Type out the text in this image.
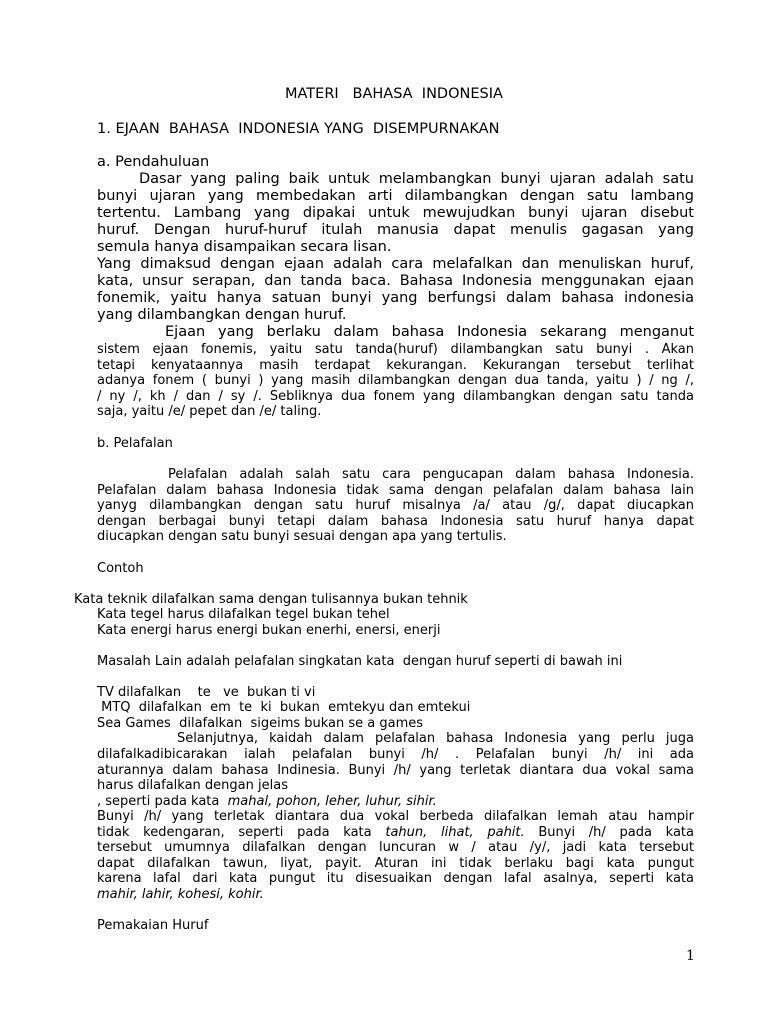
MATERI   BAHASA  INDONESIA
1. EJAAN  BAHASA  INDONESIA YANG  DISEMPURNAKAN
a. Pendahuluan
Dasar yang paling baik untuk melambangkan bunyi ujaran adalah satu
bunyi ujaran yang membedakan arti dilambangkan dengan satu lambang
tertentu. Lambang yang dipakai untuk mewujudkan bunyi ujaran disebut
huruf. Dengan huruf-huruf itulah manusia dapat menulis gagasan yang
semula hanya disampaikan secara lisan.
Yang dimaksud dengan ejaan adalah cara melafalkan dan menuliskan huruf,
kata, unsur serapan, dan tanda baca. Bahasa Indonesia menggunakan ejaan
fonemik, yaitu hanya satuan bunyi yang berfungsi dalam bahasa indonesia
yang dilambangkan dengan huruf.
Ejaan yang berlaku dalam bahasa Indonesia sekarang menganut
sistem ejaan fonemis, yaitu satu tanda(huruf) dilambangkan satu bunyi . Akan
tetapi kenyataannya masih terdapat kekurangan. Kekurangan tersebut terlihat
adanya fonem ( bunyi ) yang masih dilambangkan dengan dua tanda, yaitu ) / ng /,
/ ny /, kh / dan / sy /. Sebliknya dua fonem yang dilambangkan dengan satu tanda
saja, yaitu /e/ pepet dan /e/ taling.
b. Pelafalan
Pelafalan adalah salah satu cara pengucapan dalam bahasa Indonesia.
Pelafalan dalam bahasa Indonesia tidak sama dengan pelafalan dalam bahasa lain
yanyg dilambangkan dengan satu huruf misalnya /a/ atau /g/, dapat diucapkan
dengan berbagai bunyi tetapi dalam bahasa Indonesia satu huruf hanya dapat
diucapkan dengan satu bunyi sesuai dengan apa yang tertulis.
Contoh
Kata teknik dilafalkan sama dengan tulisannya bukan tehnik
Kata tegel harus dilafalkan tegel bukan tehel
Kata energi harus energi bukan enerhi, enersi, enerji
Masalah Lain adalah pelafalan singkatan kata  dengan huruf seperti di bawah ini
TV dilafalkan    te   ve  bukan ti vi
MTQ  dilafalkan  em  te  ki  bukan  emtekyu dan emtekui
Sea Games  dilafalkan  sigeims bukan se a games
Selanjutnya, kaidah dalam pelafalan bahasa Indonesia yang perlu juga
dilafalkadibicarakan ialah pelafalan bunyi /h/ . Pelafalan bunyi /h/ ini ada
aturannya dalam bahasa Indinesia. Bunyi /h/ yang terletak diantara dua vokal sama
harus dilafalkan dengan jelas
, seperti pada kata  mahal, pohon, leher, luhur, sihir.
Bunyi /h/ yang terletak diantara dua vokal berbeda dilafalkan lemah atau hampir
tidak kedengaran, seperti pada kata tahun, lihat, pahit. Bunyi /h/ pada kata
tersebut umumnya dilafalkan dengan luncuran w / atau /y/, jadi kata tersebut
dapat dilafalkan tawun, liyat, payit. Aturan ini tidak berlaku bagi kata pungut
karena lafal dari kata pungut itu disesuaikan dengan lafal asalnya, seperti kata
mahir, lahir, kohesi, kohir.
Pemakaian Huruf
1
